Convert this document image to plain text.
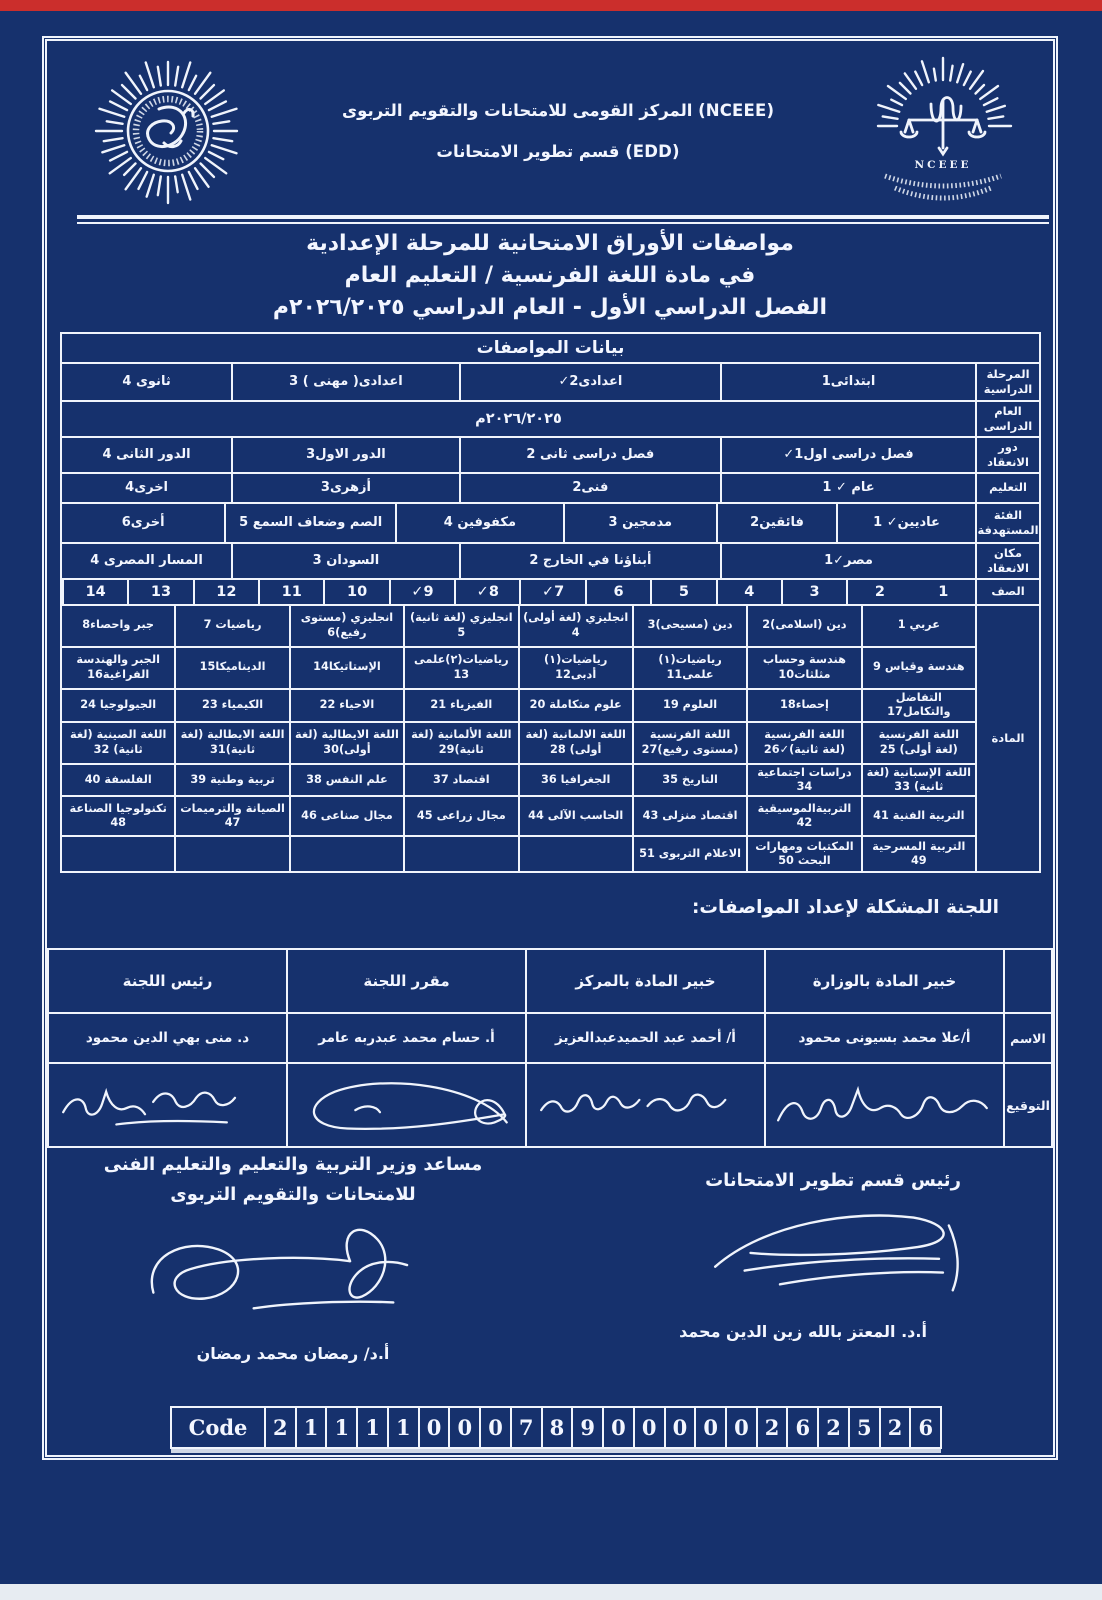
المركز القومى للامتحانات والتقويم التربوى (NCEEE)
قسم تطوير الامتحانات (EDD)
NCEEE
مواصفات الأوراق الامتحانية للمرحلة الإعدادية
في مادة اللغة الفرنسية / التعليم العام
الفصل الدراسي الأول - العام الدراسي ٢٠٢٦/٢٠٢٥م
بيانات المواصفات
المرحلة الدراسية
ابتدائى1
اعدادى2✓
اعدادى( مهنى ) 3
ثانوى 4
العام الدراسى
٢٠٢٦/٢٠٢٥م
دور الانعقاد
فصل دراسى اول1✓
فصل دراسى ثانى 2
الدور الاول3
الدور الثانى 4
التعليم
عام ✓ 1
فنى2
أزهرى3
اخرى4
الفئة المستهدفة
عاديين✓ 1
فائقين2
مدمجين 3
مكفوفين 4
الصم وضعاف السمع 5
أخرى6
مكان الانعقاد
مصر✓1
أبناؤنا في الخارج 2
السودان 3
المسار المصرى 4
الصف
1
2
3
4
5
6
✓7
✓8
✓9
10
11
12
13
14
المادة
عربي 1
دين (اسلامى)2
دين (مسيحى)3
انجليزي (لغة أولى) 4
انجليزي (لغة ثانية) 5
انجليزي (مستوى رفيع)6
رياضيات 7
جبر واحصاء8
هندسة وقياس 9
هندسة وحساب مثلثات10
رياضيات(١) علمى11
رياضيات(١) أدبى12
رياضيات(٢)علمى 13
الإستاتيكا14
الديناميكا15
الجبر والهندسة الفراغية16
التفاضل والتكامل17
إحصاء18
العلوم 19
علوم متكاملة 20
الفيزياء 21
الاحياء 22
الكيمياء 23
الجيولوجيا 24
اللغة الفرنسية (لغة أولى) 25
اللغة الفرنسية (لغة ثانية)✓26
اللغة الفرنسية (مستوى رفيع)27
اللغة الالمانية (لغة أولى) 28
اللغة الألمانية (لغة ثانية)29
اللغة الايطالية (لغة أولى)30
اللغة الايطالية (لغة ثانية)31
اللغة الصينية (لغة ثانية) 32
اللغة الإسبانية (لغة ثانية) 33
دراسات اجتماعية 34
التاريخ 35
الجغرافيا 36
اقتصاد 37
علم النفس 38
تربية وطنية 39
الفلسفة 40
التربية الفنية 41
التربيةالموسيقية 42
اقتصاد منزلى 43
الحاسب الآلى 44
مجال زراعى 45
مجال صناعى 46
الصيانة والترميمات 47
تكنولوجيا الصناعة 48
التربية المسرحية 49
المكتبات ومهارات البحث 50
الاعلام التربوى 51
اللجنة المشكلة لإعداد المواصفات:
خبير المادة بالوزارة
خبير المادة بالمركز
مقرر اللجنة
رئيس اللجنة
الاسم
أ/علا محمد بسيونى محمود
أ/ أحمد عبد الحميدعبدالعزيز
أ. حسام محمد عبدربه عامر
د. منى بهي الدين محمود
التوقيع
رئيس قسم تطوير الامتحانات
أ.د. المعتز بالله زين الدين محمد
مساعد وزير التربية والتعليم والتعليم الفنى
للامتحانات والتقويم التربوى
أ.د/ رمضان محمد رمضان
Code	2 1 1 1 1 0 0 0 7 8 9 0 0 0 0 0 2 6 2 5 2 6
